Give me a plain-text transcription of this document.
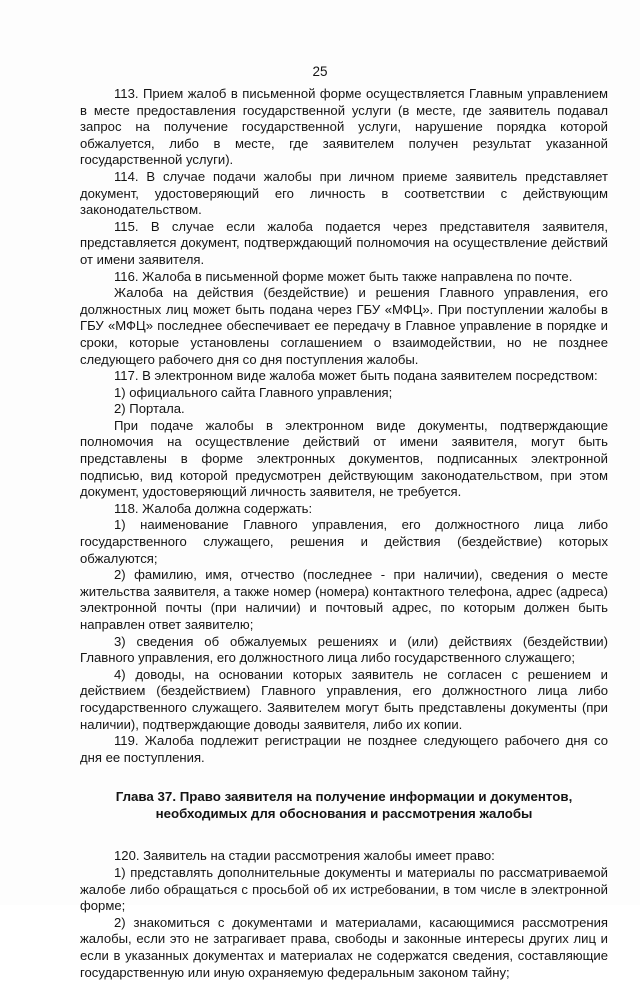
25

113. Прием жалоб в письменной форме осуществляется Главным управлением в месте предоставления государственной услуги (в месте, где заявитель подавал запрос на получение государственной услуги, нарушение порядка которой обжалуется, либо в месте, где заявителем получен результат указанной государственной услуги).

114. В случае подачи жалобы при личном приеме заявитель представляет документ, удостоверяющий его личность в соответствии с действующим законодательством.

115. В случае если жалоба подается через представителя заявителя, представляется документ, подтверждающий полномочия на осуществление действий от имени заявителя.

116. Жалоба в письменной форме может быть также направлена по почте.

Жалоба на действия (бездействие) и решения Главного управления, его должностных лиц может быть подана через ГБУ «МФЦ». При поступлении жалобы в ГБУ «МФЦ» последнее обеспечивает ее передачу в Главное управление в порядке и сроки, которые установлены соглашением о взаимодействии, но не позднее следующего рабочего дня со дня поступления жалобы.

117. В электронном виде жалоба может быть подана заявителем посредством:

1) официального сайта Главного управления;

2) Портала.

При подаче жалобы в электронном виде документы, подтверждающие полномочия на осуществление действий от имени заявителя, могут быть представлены в форме электронных документов, подписанных электронной подписью, вид которой предусмотрен действующим законодательством, при этом документ, удостоверяющий личность заявителя, не требуется.

118. Жалоба должна содержать:

1) наименование Главного управления, его должностного лица либо государственного служащего, решения и действия (бездействие) которых обжалуются;

2) фамилию, имя, отчество (последнее - при наличии), сведения о месте жительства заявителя, а также номер (номера) контактного телефона, адрес (адреса) электронной почты (при наличии) и почтовый адрес, по которым должен быть направлен ответ заявителю;

3) сведения об обжалуемых решениях и (или) действиях (бездействии) Главного управления, его должностного лица либо государственного служащего;

4) доводы, на основании которых заявитель не согласен с решением и действием (бездействием) Главного управления, его должностного лица либо государственного служащего. Заявителем могут быть представлены документы (при наличии), подтверждающие доводы заявителя, либо их копии.

119. Жалоба подлежит регистрации не позднее следующего рабочего дня со дня ее поступления.

Глава 37. Право заявителя на получение информации и документов,
необходимых для обоснования и рассмотрения жалобы

120. Заявитель на стадии рассмотрения жалобы имеет право:

1) представлять дополнительные документы и материалы по рассматриваемой жалобе либо обращаться с просьбой об их истребовании, в том числе в электронной форме;

2) знакомиться с документами и материалами, касающимися рассмотрения жалобы, если это не затрагивает права, свободы и законные интересы других лиц и если в указанных документах и материалах не содержатся сведения, составляющие государственную или иную охраняемую федеральным законом тайну;
